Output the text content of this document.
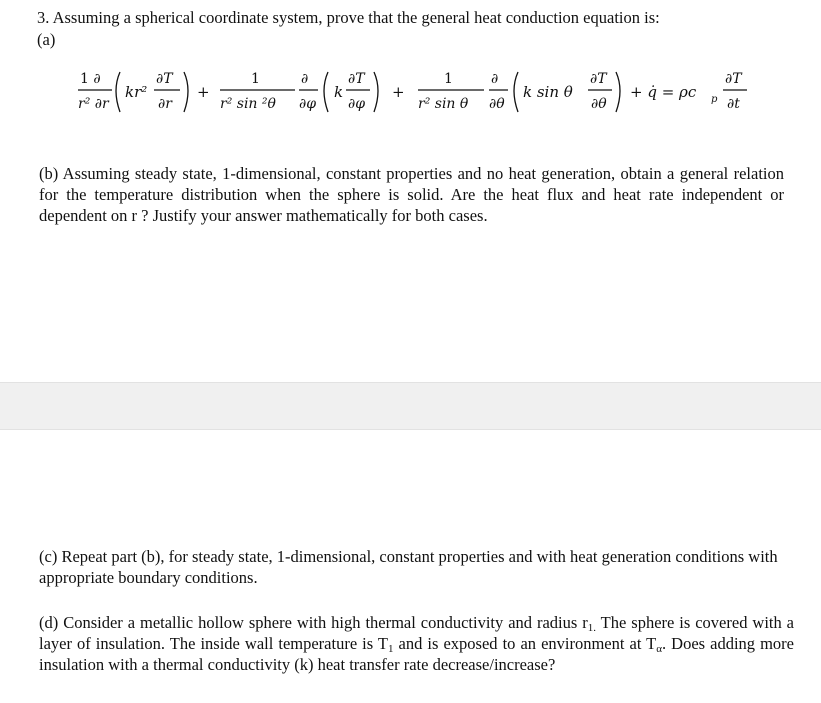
3. Assuming a spherical coordinate system, prove that the general heat conduction equation is:
(a)
1 ∂
r² ∂r
kr²
∂T
∂r
+
1
r² sin ²θ
∂
∂φ
k
∂T
∂φ
+
1
r² sin θ
∂
∂θ
k sin θ
∂T
∂θ
+ q̇ = ρc p
∂T
∂t
(b) Assuming steady state, 1-dimensional, constant properties and no heat generation, obtain a general relation for the temperature distribution when the sphere is solid. Are the heat flux and heat rate independent or dependent on r ? Justify your answer mathematically for both cases.
(c) Repeat part (b), for steady state, 1-dimensional, constant properties and with heat generation conditions with appropriate boundary conditions.
(d) Consider a metallic hollow sphere with high thermal conductivity and radius $r_{1.}$ The sphere is covered with a layer of insulation. The inside wall temperature is $T_1$ and is exposed to an environment at $T_\alpha$. Does adding more insulation with a thermal conductivity (k) heat transfer rate decrease/increase?
